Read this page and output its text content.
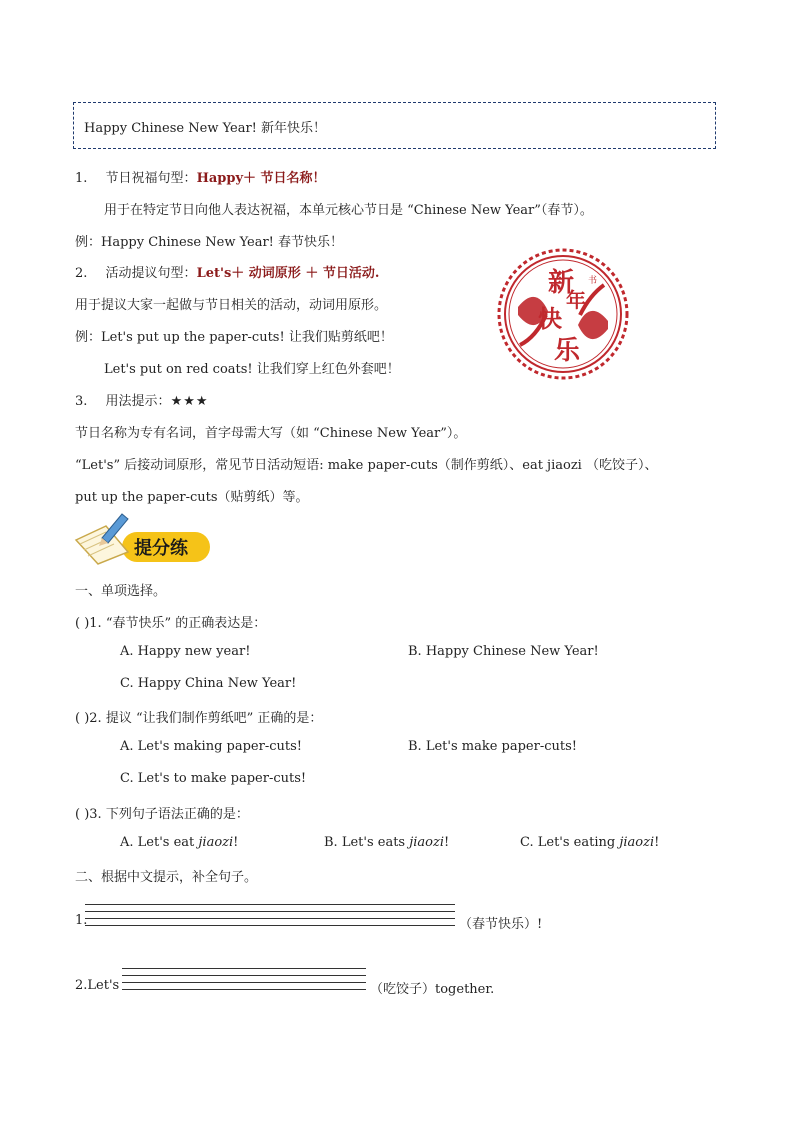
Happy Chinese New Year! 新年快乐！
1. 节日祝福句型：Happy＋ 节日名称！
用于在特定节日向他人表达祝福，本单元核心节日是 “Chinese New Year”（春节）。
例：Happy Chinese New Year! 春节快乐！
2. 活动提议句型：Let's＋ 动词原形 ＋ 节日活动.
用于提议大家一起做与节日相关的活动，动词用原形。
例：Let's put up the paper-cuts! 让我们贴剪纸吧！
Let's put on red coats! 让我们穿上红色外套吧！
新
年
快
乐
书
3. 用法提示：★★★
节日名称为专有名词，首字母需大写（如 “Chinese New Year”）。
“Let's” 后接动词原形，常见节日活动短语: make paper-cuts（制作剪纸）、eat jiaozi （吃饺子）、
put up the paper-cuts（贴剪纸）等。
提分练
一、单项选择。
( )1. “春节快乐” 的正确表达是：
A. Happy new year!	B. Happy Chinese New Year!
C. Happy China New Year!
( )2. 提议 “让我们制作剪纸吧” 正确的是：
A. Let's making paper-cuts!	B. Let's make paper-cuts!
C. Let's to make paper-cuts!
( )3. 下列句子语法正确的是：
A. Let's eat jiaozi!	B. Let's eats jiaozi!	C. Let's eating jiaozi!
二、根据中文提示，补全句子。
1.	（春节快乐）!
2.Let's	（吃饺子）together.
